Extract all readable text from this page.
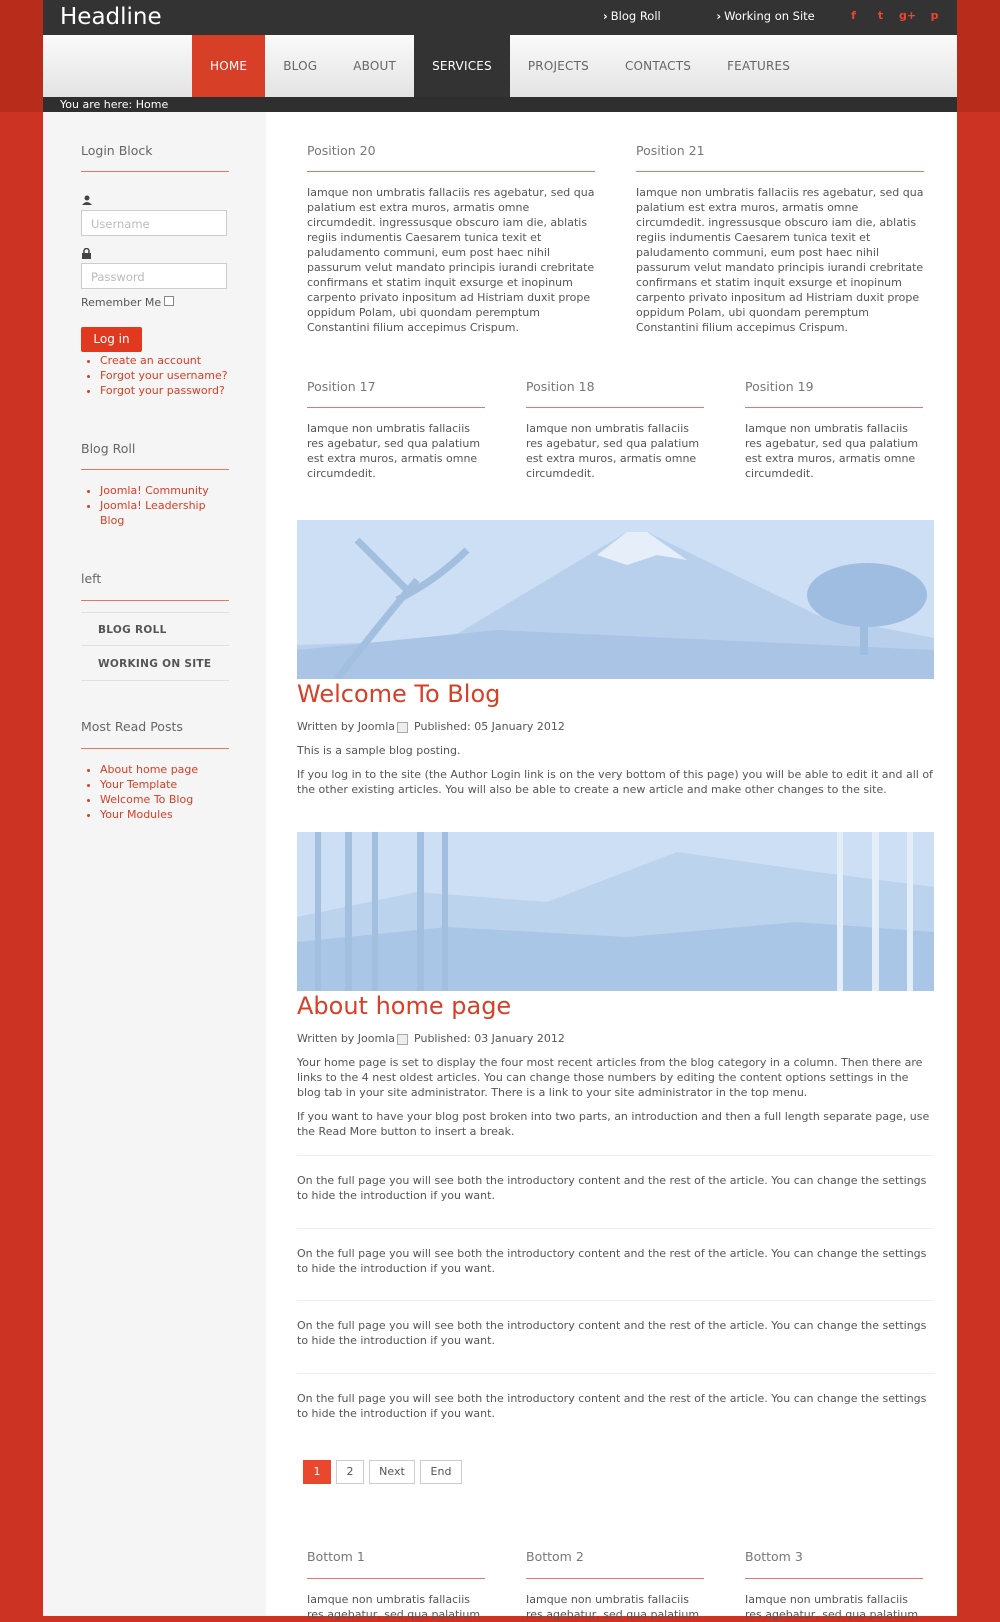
Headline	› Blog Roll	› Working on Site	f t g+ p
HOME	BLOG	ABOUT	SERVICES	PROJECTS	CONTACTS	FEATURES
You are here: Home
Login Block
Username
Password
Remember Me
Log in
• Create an account
• Forgot your username?
• Forgot your password?
Blog Roll
• Joomla! Community
• Joomla! Leadership Blog
left
BLOG ROLL
WORKING ON SITE
Most Read Posts
• About home page
• Your Template
• Welcome To Blog
• Your Modules
Position 20
Iamque non umbratis fallaciis res agebatur, sed qua palatium est extra muros, armatis omne circumdedit. ingressusque obscuro iam die, ablatis regiis indumentis Caesarem tunica texit et paludamento communi, eum post haec nihil passurum velut mandato principis iurandi crebritate confirmans et statim inquit exsurge et inopinum carpento privato inpositum ad Histriam duxit prope oppidum Polam, ubi quondam peremptum Constantini filium accepimus Crispum.
Position 21
Iamque non umbratis fallaciis res agebatur, sed qua palatium est extra muros, armatis omne circumdedit. ingressusque obscuro iam die, ablatis regiis indumentis Caesarem tunica texit et paludamento communi, eum post haec nihil passurum velut mandato principis iurandi crebritate confirmans et statim inquit exsurge et inopinum carpento privato inpositum ad Histriam duxit prope oppidum Polam, ubi quondam peremptum Constantini filium accepimus Crispum.
Position 17
Iamque non umbratis fallaciis res agebatur, sed qua palatium est extra muros, armatis omne circumdedit.
Position 18
Iamque non umbratis fallaciis res agebatur, sed qua palatium est extra muros, armatis omne circumdedit.
Position 19
Iamque non umbratis fallaciis res agebatur, sed qua palatium est extra muros, armatis omne circumdedit.
Welcome To Blog
Written by Joomla Published: 05 January 2012
This is a sample blog posting.
If you log in to the site (the Author Login link is on the very bottom of this page) you will be able to edit it and all of the other existing articles. You will also be able to create a new article and make other changes to the site.
About home page
Written by Joomla Published: 03 January 2012
Your home page is set to display the four most recent articles from the blog category in a column. Then there are links to the 4 nest oldest articles. You can change those numbers by editing the content options settings in the blog tab in your site administrator. There is a link to your site administrator in the top menu.
If you want to have your blog post broken into two parts, an introduction and then a full length separate page, use the Read More button to insert a break.
On the full page you will see both the introductory content and the rest of the article. You can change the settings to hide the introduction if you want.
On the full page you will see both the introductory content and the rest of the article. You can change the settings to hide the introduction if you want.
On the full page you will see both the introductory content and the rest of the article. You can change the settings to hide the introduction if you want.
On the full page you will see both the introductory content and the rest of the article. You can change the settings to hide the introduction if you want.
1	2	Next	End
Bottom 1
Iamque non umbratis fallaciis res agebatur, sed qua palatium
Bottom 2
Iamque non umbratis fallaciis res agebatur, sed qua palatium
Bottom 3
Iamque non umbratis fallaciis res agebatur, sed qua palatium
